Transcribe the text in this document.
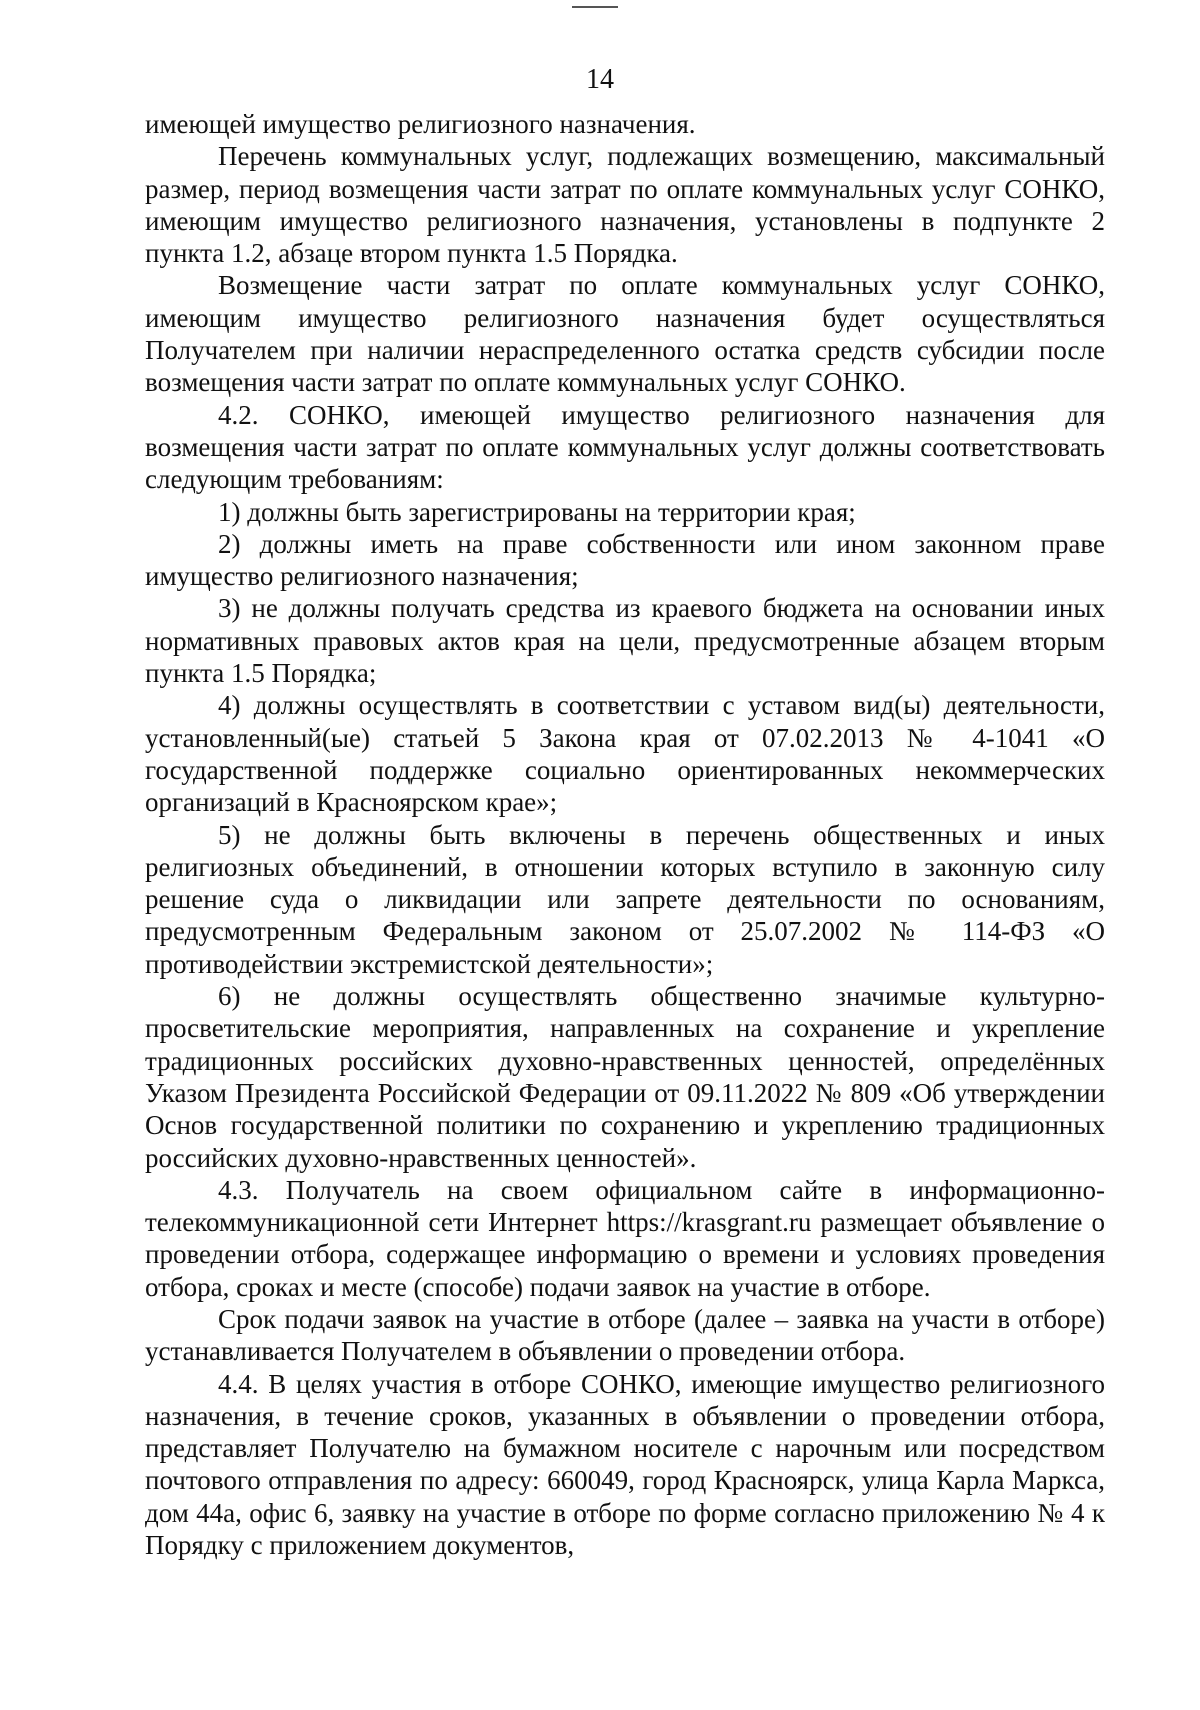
14

имеющей имущество религиозного назначения.

Перечень коммунальных услуг, подлежащих возмещению, максимальный размер, период возмещения части затрат по оплате коммунальных услуг СОНКО, имеющим имущество религиозного назначения, установлены в подпункте 2 пункта 1.2, абзаце втором пункта 1.5 Порядка.

Возмещение части затрат по оплате коммунальных услуг СОНКО, имеющим имущество религиозного назначения будет осуществляться Получателем при наличии нераспределенного остатка средств субсидии после возмещения части затрат по оплате коммунальных услуг СОНКО.

4.2. СОНКО, имеющей имущество религиозного назначения для возмещения части затрат по оплате коммунальных услуг должны соответствовать следующим требованиям:

1) должны быть зарегистрированы на территории края;

2) должны иметь на праве собственности или ином законном праве имущество религиозного назначения;

3) не должны получать средства из краевого бюджета на основании иных нормативных правовых актов края на цели, предусмотренные абзацем вторым пункта 1.5 Порядка;

4) должны осуществлять в соответствии с уставом вид(ы) деятельности, установленный(ые) статьей 5 Закона края от 07.02.2013 № 4-1041 «О государственной поддержке социально ориентированных некоммерческих организаций в Красноярском крае»;

5) не должны быть включены в перечень общественных и иных религиозных объединений, в отношении которых вступило в законную силу решение суда о ликвидации или запрете деятельности по основаниям, предусмотренным Федеральным законом от 25.07.2002 № 114-ФЗ «О противодействии экстремистской деятельности»;

6) не должны осуществлять общественно значимые культурно-просветительские мероприятия, направленных на сохранение и укрепление традиционных российских духовно-нравственных ценностей, определённых Указом Президента Российской Федерации от 09.11.2022 № 809 «Об утверждении Основ государственной политики по сохранению и укреплению традиционных российских духовно-нравственных ценностей».

4.3. Получатель на своем официальном сайте в информационно-телекоммуникационной сети Интернет https://krasgrant.ru размещает объявление о проведении отбора, содержащее информацию о времени и условиях проведения отбора, сроках и месте (способе) подачи заявок на участие в отборе.

Срок подачи заявок на участие в отборе (далее – заявка на участи в отборе) устанавливается Получателем в объявлении о проведении отбора.

4.4. В целях участия в отборе СОНКО, имеющие имущество религиозного назначения, в течение сроков, указанных в объявлении о проведении отбора, представляет Получателю на бумажном носителе с нарочным или посредством почтового отправления по адресу: 660049, город Красноярск, улица Карла Маркса, дом 44а, офис 6, заявку на участие в отборе по форме согласно приложению № 4 к Порядку с приложением документов,
